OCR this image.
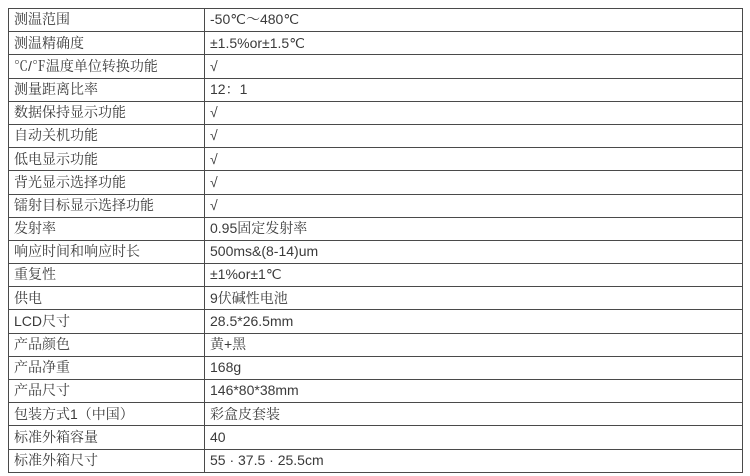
测温范围	-50℃～480℃
测温精确度	±1.5%or±1.5℃
℃/℉温度单位转换功能	√
测量距离比率	12：1
数据保持显示功能	√
自动关机功能	√
低电显示功能	√
背光显示选择功能	√
镭射目标显示选择功能	√
发射率	0.95固定发射率
响应时间和响应时长	500ms&(8-14)um
重复性	±1%or±1℃
供电	9伏碱性电池
LCD尺寸	28.5*26.5mm
产品颜色	黄+黑
产品净重	168g
产品尺寸	146*80*38mm
包装方式1（中国）	彩盒皮套装
标准外箱容量	40
标准外箱尺寸	55 · 37.5 · 25.5cm
